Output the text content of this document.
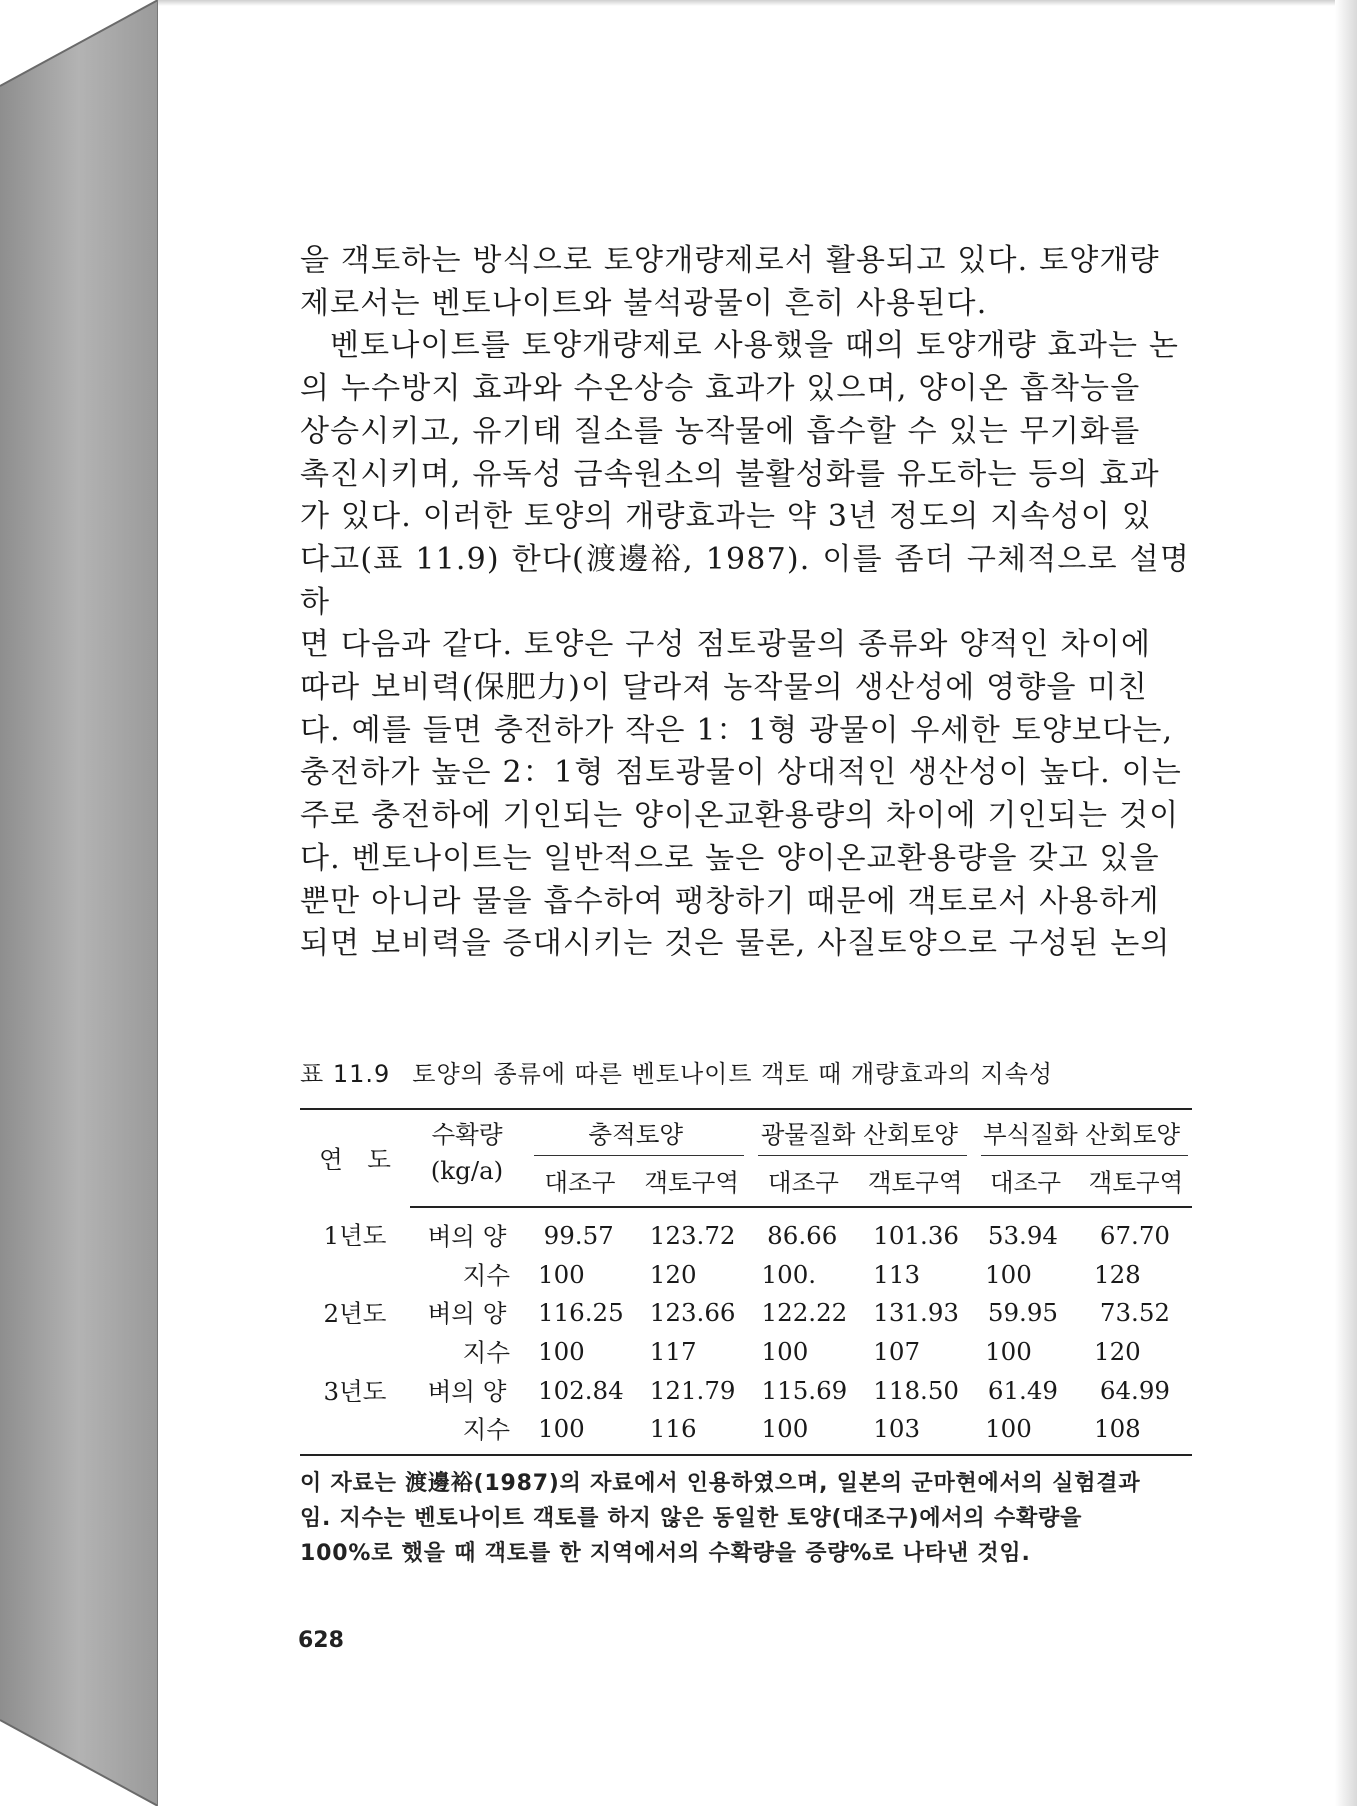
을 객토하는 방식으로 토양개량제로서 활용되고 있다. 토양개량

제로서는 벤토나이트와 불석광물이 흔히 사용된다.

벤토나이트를 토양개량제로 사용했을 때의 토양개량 효과는 논

의 누수방지 효과와 수온상승 효과가 있으며, 양이온 흡착능을

상승시키고, 유기태 질소를 농작물에 흡수할 수 있는 무기화를

촉진시키며, 유독성 금속원소의 불활성화를 유도하는 등의 효과

가 있다. 이러한 토양의 개량효과는 약 3년 정도의 지속성이 있

다고(표 11.9) 한다(渡邊裕, 1987). 이를 좀더 구체적으로 설명하

면 다음과 같다. 토양은 구성 점토광물의 종류와 양적인 차이에

따라 보비력(保肥力)이 달라져 농작물의 생산성에 영향을 미친

다. 예를 들면 충전하가 작은 1：1형 광물이 우세한 토양보다는,

충전하가 높은 2：1형 점토광물이 상대적인 생산성이 높다. 이는

주로 충전하에 기인되는 양이온교환용량의 차이에 기인되는 것이

다. 벤토나이트는 일반적으로 높은 양이온교환용량을 갖고 있을

뿐만 아니라 물을 흡수하여 팽창하기 때문에 객토로서 사용하게

되면 보비력을 증대시키는 것은 물론, 사질토양으로 구성된 논의

표 11.9 토양의 종류에 따른 벤토나이트 객토 때 개량효과의 지속성
연　도	수확량	충적토양		광물질화 산회토양		부식질화 산회토양	

	(kg/a)	대조구	객토구역	대조구	객토구역	대조구	객토구역
1년도	벼의 양	99.57	123.72	86.66	101.36	53.94	67.70
	지수	100	120	100.	113	100	128
2년도	벼의 양	116.25	123.66	122.22	131.93	59.95	73.52
	지수	100	117	100	107	100	120
3년도	벼의 양	102.84	121.79	115.69	118.50	61.49	64.99
	지수	100	116	100	103	100	108

이 자료는 渡邊裕(1987)의 자료에서 인용하였으며, 일본의 군마현에서의 실험결과

임. 지수는 벤토나이트 객토를 하지 않은 동일한 토양(대조구)에서의 수확량을

100%로 했을 때 객토를 한 지역에서의 수확량을 증량%로 나타낸 것임.

628
